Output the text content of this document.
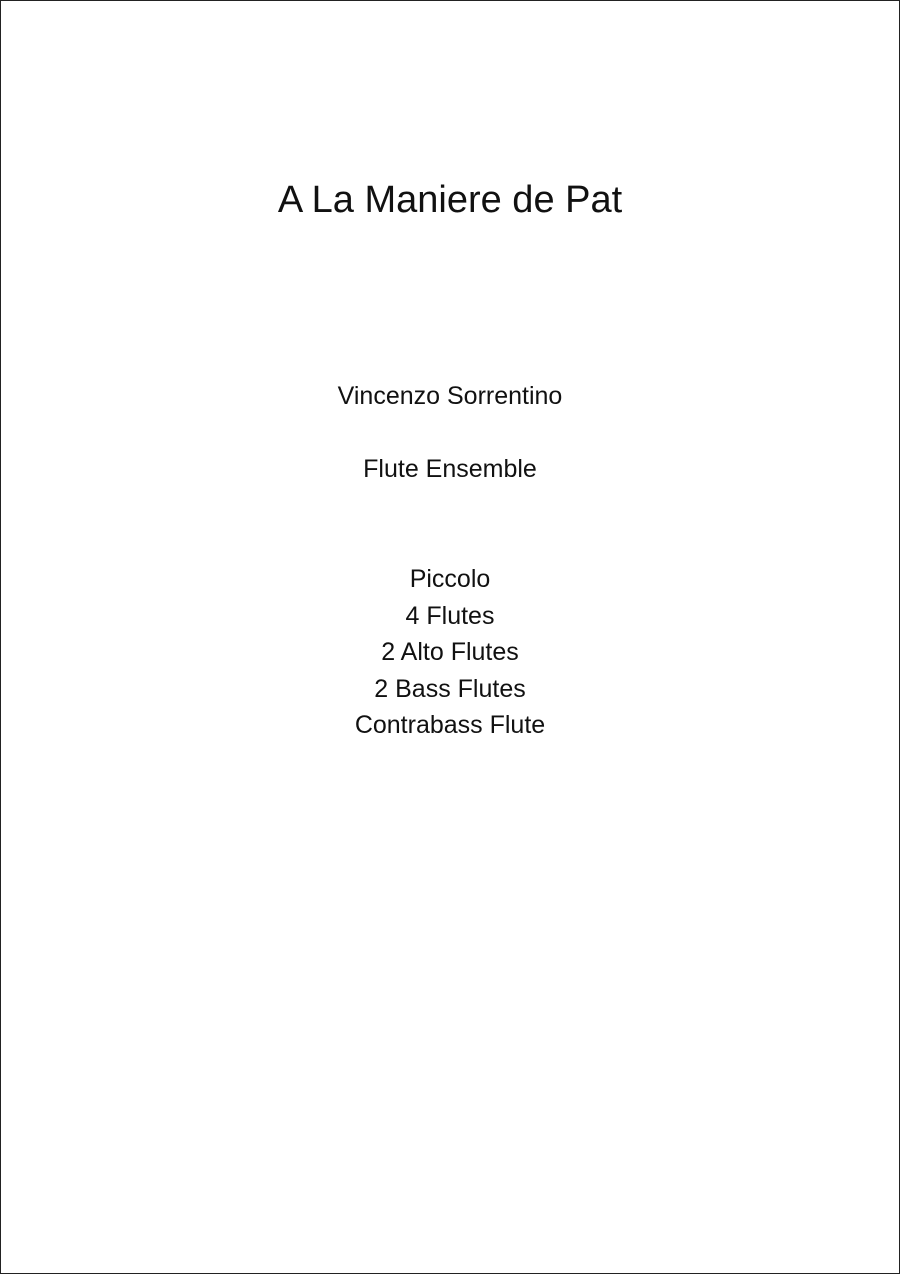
A La Maniere de Pat

Vincenzo Sorrentino

Flute Ensemble

Piccolo
4 Flutes
2 Alto Flutes
2 Bass Flutes
Contrabass Flute
